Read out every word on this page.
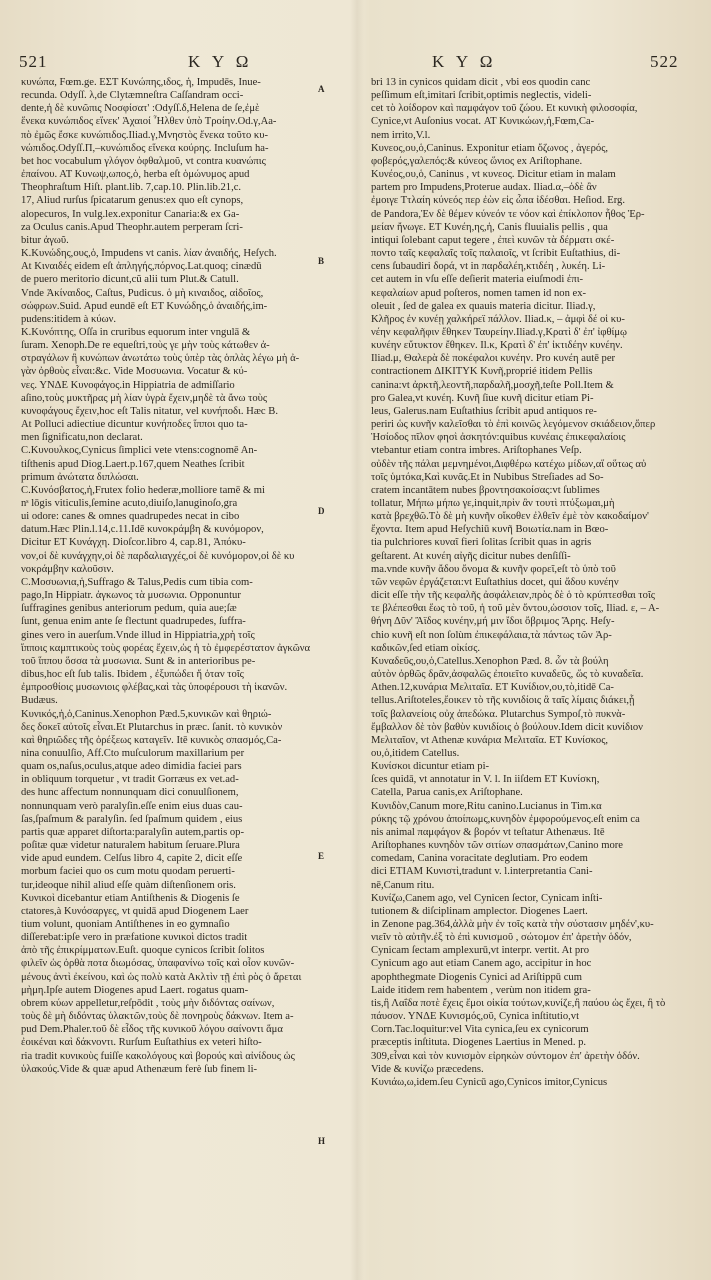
521	Κ Υ Ω	Κ Υ Ω	522
κυνώπα, Fœm.ge. ΕΣΤ Κυνώπης,ιδος, ἡ, Impudēs, Inue-
recunda. Odyſſ. λ,de Clytæmneſtra Caſſandram occi-
dente,ἡ δὲ κυνῶπις Νοσφίσατ' :Odyſſ.δ,Helena de ſe,ἐμὲ
ἕνεκα κυνώπιδος εἵνεκ' Ἀχαιοί Ἦλθεν ὑπὸ Τροίην.Od.γ,Aa-
πὸ ἐμῶς ἔσκε κυνώπιδος.Iliad.γ,Μνηστὸς ἕνεκα τοῦτο κυ-
νώπιδος.Odyſſ.Π,–κυνώπιδος εἵνεκα κούρης. Incluſum ha-
bet hoc vocabulum γλόγον ὀφθαλμοῦ, vt contra κυανώπις
ἐπαίνου. ΑΤ Κυνωψ,ωπος,ὁ, herba eſt ὁμώνυμος apud
Theophraſtum Hiſt. plant.lib. 7,cap.10. Plin.lib.21,c.
17, Aliud rurſus ſpicatarum genus:ex quo eſt cynops,
alopecuros, In vulg.lex.exponitur Canaria:& ex Ga-
za Oculus canis.Apud Theophr.autem perperam ſcri-
bitur ἀγωῦ.
Κ.Κυνώδης,ους,ὁ, Impudens vt canis. λίαν ἀναιδής, Heſych.
At Κιναιδές eidem eſt ἀπληγής,πόρνος.Lat.quoq; cinædū
de puero meritorio dicunt,cũ alii tum Plut.& Catull.
Vnde Ἀκίναιδος, Caſtus, Pudicus. ὁ μὴ κιναιδος, αἰδοῖος,
σώφρων.Suid. Apud eundē eſt ΕΤ Κυνώδης,ὁ ἀναιδής,im-
pudens:itidem à κύων.
Κ.Κυνόπτης, Oſſa in cruribus equorum inter vngulā &
ſuram. Xenoph.De re equeſtri,τοὺς γε μὴν τοὺς κάτωθεν ἀ-
στραγάλων ἢ κυνώπων ἀνωτάτω τοὺς ὑπὲρ τὰς ὁπλὰς λέγω μὴ ἀ-
γὰν ὀρθοὺς εἶναι:&c. Vide Μοσυωνια. Vocatur & κύ-
νες. ΥΝΔΕ Κυνοφάγος.in Hippiatria de admiſſario
aſino,τοὺς μυκτῆρας μὴ λίαν ὑγρὰ ἔχειν,μηδὲ τὰ ἄνω τοὺς
κυνοφάγους ἔχειν,hoc eſt Talis nitatur, vel κυνήποδι. Hæc B.
At Polluci adiectiue dicuntur κυνήποδες ἵπποι quo ta-
men ſignificatu,non declarat.
C.Κυνουλκος,Cynicus ſimplici vete vtens:cognomē An-
tiſthenis apud Diog.Laert.p.167,quem Neathes ſcribit
primum ἀνώτατα διπλώσαι.
C.Κυνόσβατος,ἡ,Frutex folio hederæ,molliore tamē & mi
nˢ lōgis viticulis,ſemine acuto,diuiſo,lanuginoſo,gra
ui odore: canes & omnes quadrupedes necat in cibo
datum.Hæc Plin.l.14,c.11.Idē κυνοκράμβη & κυνόμορον,
Dicitur ΕΤ Κυνάγχη. Dioſcor.libro 4, cap.81, Ἀπόκυ-
νον,οἱ δὲ κυνάγχην,οἱ δὲ παρδαλιαγχές,οἱ δὲ κυνόμορον,οἱ δὲ κυ
νοκράμβην καλοῦσιν.
C.Μοσυωνια,ἡ,Suffrago & Talus,Pedis cum tibia com-
pago,In Hippiatr. ἀγκωνος τὰ μυσωνια. Opponuntur
ſuffragines genibus anteriorum pedum, quia aue;ſæ
ſunt, genua enim ante ſe flectunt quadrupedes, ſuffra-
gines vero in auerſum.Vnde illud in Hippiatria,χρὴ τοῖς
ἵπποις καμπτικοὺς τοὺς φορέας ἔχειν,ὡς ἡ τὸ ἐμφερέστατον ἀγκῶνα
τοῦ ἵππου ὅσσα τὰ μυσωνια. Sunt & in anterioribus pe-
dibus,hoc eſt ſub talis. Ibidem , ἐξυπώδει ἥ ὁταν τοῖς
ἐμπροσθίοις μυσωνιοις φλέβας,καὶ τὰς ὑποφέρουσι τὴ ἱκανῶν.
Budæus.
Κυνικός,ἡ,ὁ,Caninus.Xenophon Pæd.5,κυνικῶν καὶ θηριώ-
δες δοκεῖ αὐτοῖς εἶναι.Et Plutarchus in præc. ſanit. τὸ κυνικὸν
καὶ θηριῶδες τῆς ὀρέξεως καταγεῖν. Itē κυνικὸς σπασμός,Ca-
nina conuulſio, Aff.Cto muſculorum maxillarium per
quam os,naſus,oculus,atque adeo dimidia faciei pars
in obliquum torquetur , vt tradit Gorræus ex vet.ad-
des hunc affectum nonnunquam dici conuulſionem,
nonnunquam verò paralyſin.eſſe enim eius duas cau-
ſas,ſpaſmum & paralyſin. ſed ſpaſmum quidem , eius
partis quæ apparet diſtorta:paralyſin autem,partis op-
poſitæ quæ videtur naturalem habitum ſeruare.Plura
vide apud eundem. Celſus libro 4, capite 2, dicit eſſe
morbum faciei quo os cum motu quodam peruerti-
tur,ideoque nihil aliud eſſe quàm diſtenſionem oris.
Κυνικοὶ dicebantur etiam Antiſthenis & Diogenis ſe
ctatores,à Κυνόσαργες, vt quidā apud Diogenem Laer
tium volunt, quoniam Antiſthenes in eo gymnaſio
diſſerebat:ipſe vero in præfatione κυνικοὶ dictos tradit
ἀπὸ τῆς ἐπικρίμματων.Euſt. quoque cynicos ſcribit ſolitos
φιλεῖν ὡς ὀρθὰ ποτα διωμόσας, ὑπαφανίνω τοῖς καὶ οἷον κυνῶν-
μένους ἀντὶ ἐκείνου, καὶ ὡς πολὺ κατὰ Ακλτὶν τῇ ἐπὶ ρὸς ὁ ἄρεται
μὴμη.Ipſe autem Diogenes apud Laert. rogatus quam-
obrem κύων appelletur,reſpōdit , τοὺς μὴν διδόντας σαίνων,
τοὺς δὲ μὴ διδόντας ὑλακτῶν,τοὺς δὲ πονηροὺς δάκνων. Item a-
pud Dem.Phaler.τοῦ δὲ εἶδος τῆς κυνικοῦ λόγου σαίνοντι ἅμα
ἐοικέναι καὶ δάκνοντι. Rurſum Euſtathius ex veteri hiſto-
ria tradit κυνικοὺς fuiſſe κακολόγους καὶ βορούς καὶ αἰνίδους ὡς
ὑλακούς.Vide & quæ apud Athenæum ferè ſub finem li-
A
B
D
E
H
bri 13 in cynicos quidam dicit , vbi eos quodin canc
peſſimum eſt,imitari ſcribit,optimis neglectis, videli-
cet τὸ λοίδορον καὶ παμφάγον τοῦ ζώου. Et κυνικὴ φιλοσοφία,
Cynice,vt Auſonius vocat. ΑΤ Κυνικώων,ἡ,Fœm,Ca-
nem irrito,V.l.
Κυνεος,ου,ὁ,Caninus. Exponitur etiam ὄζωνος , ἀγερός,
φοβερός,γαλεπός:& κύνεος ὥνιος ex Ariſtophane.
Κυνέος,ου,ὁ, Caninus , vt κυνεος. Dicitur etiam in malam
partem pro Impudens,Proterue audax. Iliad.α,–ὁδὲ ἂν
ἐμοιγε Ττλαίη κύνεός περ ἐὼν εἰς ὦπα ἰδέσθαι. Heſiod. Erg.
de Pandora,Ἐν δὲ θέμεν κύνεόν τε νόον καὶ ἐπίκλοπον ἦθος Ἑρ-
μείαν ἤνωγε. ΕΤ Κυνέη,ης,ἡ, Canis fluuialis pellis , qua
intiqui ſolebant caput tegere , ἐπεὶ κυνῶν τὰ δέρματι σκέ-
ποντο ταῖς κεφαλαῖς τοῖς παλαιοῖς, vt ſcribit Euſtathius, di-
cens ſubaudiri δορά, vt in παρδαλέη,κτιδέη , λυκέη. Li-
cet autem in vſu eſſe deſierit materia eiuſmodi ἐπι-
κεφαλαίων apud poſteros, nomen tamen id non ex-
oleuit , ſed de galea ex quauis materia dicitur. Iliad.γ,
Κλῆρος ἐν κυνέῃ χαλκήρεϊ πάλλον. Iliad.κ, – ἀμφὶ δέ οἱ κυ-
νέην κεφαλῆφιν ἔθηκεν Ταυρείην.Iliad.γ,Κρατὶ δ' ἐπ' ἰφθίμῳ
κυνέην εὔτυκτον ἔθηκεν. Il.κ, Κρατὶ δ' ἐπ' ἰκτιδέην κυνέην.
Iliad.μ, Θαλερὰ δὲ ποκέφαλοι κυνέην. Pro κυνέη autē per
contractionem ΔΙΚΙΤΥΚ Κυνῆ,proprié itidem Pellis
canina:vt ἀρκτῆ,λεοντῆ,παρδαλῆ,μοσχῆ,teſte Poll.Item &
pro Galea,vt κυνέη. Κυνῆ ſiue κυνῆ dicitur etiam Pi-
leus, Galerus.nam Euſtathius ſcribit apud antiquos re-
periri ὡς κυνῆν καλεῖσθαι τὸ ἐπὶ κοινῶς λεγόμενον σκιάδειον,ὅπερ
Ἡσίοδος πῖλον φησὶ ἀσκητόν:quibus κυνέαις ἐπικεφαλαίοις
vtebantur etiam contra imbres. Ariſtophanes Veſp.
οὐδὲν τῆς πάλαι μεμνημένοι,Διφθέρω κατέχω μίδων,αἵ οὕτως αὐ
τοῖς ὑμτόκα,Καὶ κυνᾶς.Et in Nubibus Streſiades ad So-
cratem incantātem nubes βροντησακοίσας:vt ſublimes
tollatur, Μήπω μήπω γε,inquit,πρὶν ἂν τουτὶ πτύξωμαι,μὴ
κατὰ βρεχθῶ.Τὸ δὲ μὴ κυνῆν οἴκοθεν ἐλθεῖν ἐμὲ τὸν κακοδαίμον'
ἔχοντα. Item apud Heſychiū κυνῆ Βοιωτία.nam in Bœo-
tia pulchriores κυναῖ fieri ſolitas ſcribit quas in agris
geſtarent. At κυνέη αἰγῆς dicitur nubes denſiſſi-
ma.vnde κυνῆν ἄδου ὄνομα & κυνῆν φορεῖ,eſt τὸ ὑπὸ τοῦ
τῶν νεφῶν ἐργάζεται:vt Euſtathius docet, qui ἄδου κυνέην
dicit eſſe τὴν τῆς κεφαλῆς ἀσφάλειαν,πρὸς δὲ ὁ τὸ κρύπτεσθαι τοῖς
τε βλέπεσθαι ἕως τὸ τοῦ, ἡ τοῦ μὲν ὄντου,ὡσσιον τοῖς, Iliad. ε, – Α-
θήνη Δῦν' Ἄϊδος κυνέην,μή μιν ἴδοι ὄβριμος Ἄρης. Heſy-
chio κυνῆ eſt non ſolùm ἐπικεφάλαια,τὰ πάντως τῶν Ἀρ-
καδικῶν,ſed etiam οἰκίσς.
Κυναδεῦς,ου,ὁ,Catellus.Xenophon Pæd. 8. ὧν τὰ βούλη
αὐτὸν ὀρθῶς δρᾶν,ἀσφαλῶς ἐποιεῖτο κυναδεῦς, ὥς τὸ κυναδεῖα.
Athen.12,κυνάρια Μελιταῖα. ΕΤ Κυνίδιον,ου,τὸ,itidē Ca-
tellus.Ariſtoteles,ἔοικεν τὸ τῆς κυνιδίοις ἃ ταῖς λίμαις διάκει,ᾗ
τοῖς βαλανείοις οὐχ ἀπεδώκα. Plutarchus Sympoſ,τὸ πυκνὰ-
ἔμβαλλον δὲ τὸν βαθὺν κυνιδίοις ὁ βούλουν.Idem dicit κυνίδιον
Μελιταῖον, vt Athenæ κυνάρια Μελιταῖα. ΕΤ Κυνίσκος,
ου,ὁ,itidem Catellus.
Κυνίσκοι dicuntur etiam pi-
ſces quidā, vt annotatur in V. l. In iiſdem ΕΤ Κυνίσκη,
Catella, Parua canis,ex Ariſtophane.
Κυνιδὸν,Canum more,Ritu canino.Lucianus in Tim.κα
ρύκης τῷ χρόνου ἀποίπωμς,κυνηδὸν ἐμφορούμενος.eſt enim ca
nis animal παμφάγον & βορόν vt teſtatur Athenæus. Itē
Ariſtophanes κυνηδὸν τῶν σιτίων σπασμάτων,Canino more
comedam, Canina voracitate deglutiam. Pro eodem
dici ΕΤΙΑΜ Κυνιστὶ,tradunt v. l.interpretantia Cani-
nē,Canum ritu.
Κυνίζω,Canem ago, vel Cynicen ſector, Cynicam inſti-
tutionem & diſciplinam amplector. Diogenes Laert.
in Zenone pag.364,ἀλλὰ μὴν ἐν τοῖς κατὰ τὴν σύστασιν μηδέν',κυ-
νιεῖν τὸ αὐτῆν.ἐξ τὸ ἐπὶ κυνισμοῦ , σώτομον ἐπ' ἀρετὴν ὁδόν,
Cynicam ſectam amplexurū,vt interpr. vertit. At pro
Cynicum ago aut etiam Canem ago, accipitur in hoc
apophthegmate Diogenis Cynici ad Ariſtippū cum
Laide itidem rem habentem , verùm non itidem gra-
tis,ἢ Λαΐδα ποτὲ ἔχεις ἔμοι οἰκία τούτων,κυνίζε,ἢ παύου ὡς ἔχει, ἢ τὸ
πάυσον. ΥΝΔΕ Κυνισμός,οῦ, Cynica inſtitutio,vt
Corn.Tac.loquitur:vel Vita cynica,ſeu ex cynicorum
præceptis inſtituta. Diogenes Laertius in Mened. p.
309,εἶναι καὶ τὸν κυνισμὸν εἰρηκὼν σύντομον ἐπ' ἀρετὴν ὁδόν.
Vide & κυνίζω præcedens.
Κυνιάω,ω,idem.ſeu Cynicū ago,Cynicos imitor,Cynicus
